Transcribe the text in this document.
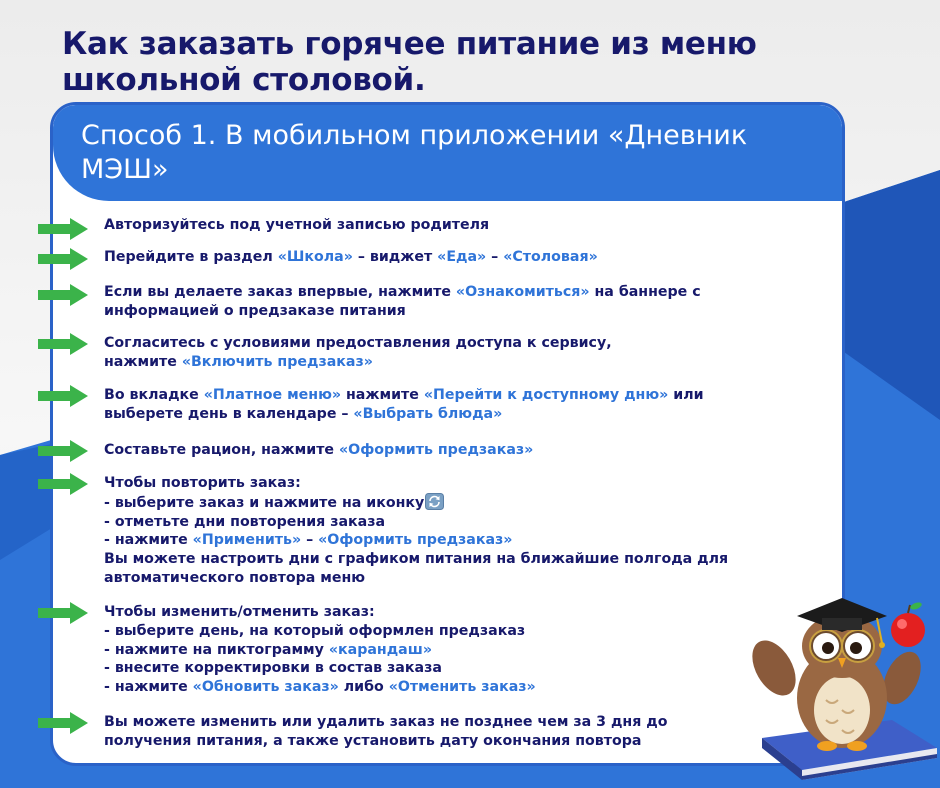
Как заказать горячее питание из меню школьной столовой.
Способ 1. В мобильном приложении «Дневник МЭШ»
Авторизуйтесь под учетной записью родителя
Перейдите в раздел «Школа» – виджет «Еда» – «Столовая»
Если вы делаете заказ впервые, нажмите «Ознакомиться» на баннере с информацией о предзаказе питания
Согласитесь с условиями предоставления доступа к сервису, нажмите «Включить предзаказ»
Во вкладке «Платное меню» нажмите «Перейти к доступному дню» или выберете день в календаре – «Выбрать блюда»
Составьте рацион, нажмите «Оформить предзаказ»
Чтобы повторить заказ:
- выберите заказ и нажмите на иконку
- отметьте дни повторения заказа
- нажмите «Применить» – «Оформить предзаказ»
Вы можете настроить дни с графиком питания на ближайшие полгода для автоматического повтора меню
Чтобы изменить/отменить заказ:
- выберите день, на который оформлен предзаказ
- нажмите на пиктограмму «карандаш»
- внесите корректировки в состав заказа
- нажмите «Обновить заказ» либо «Отменить заказ»
Вы можете изменить или удалить заказ не позднее чем за 3 дня до получения питания, а также установить дату окончания повтора
